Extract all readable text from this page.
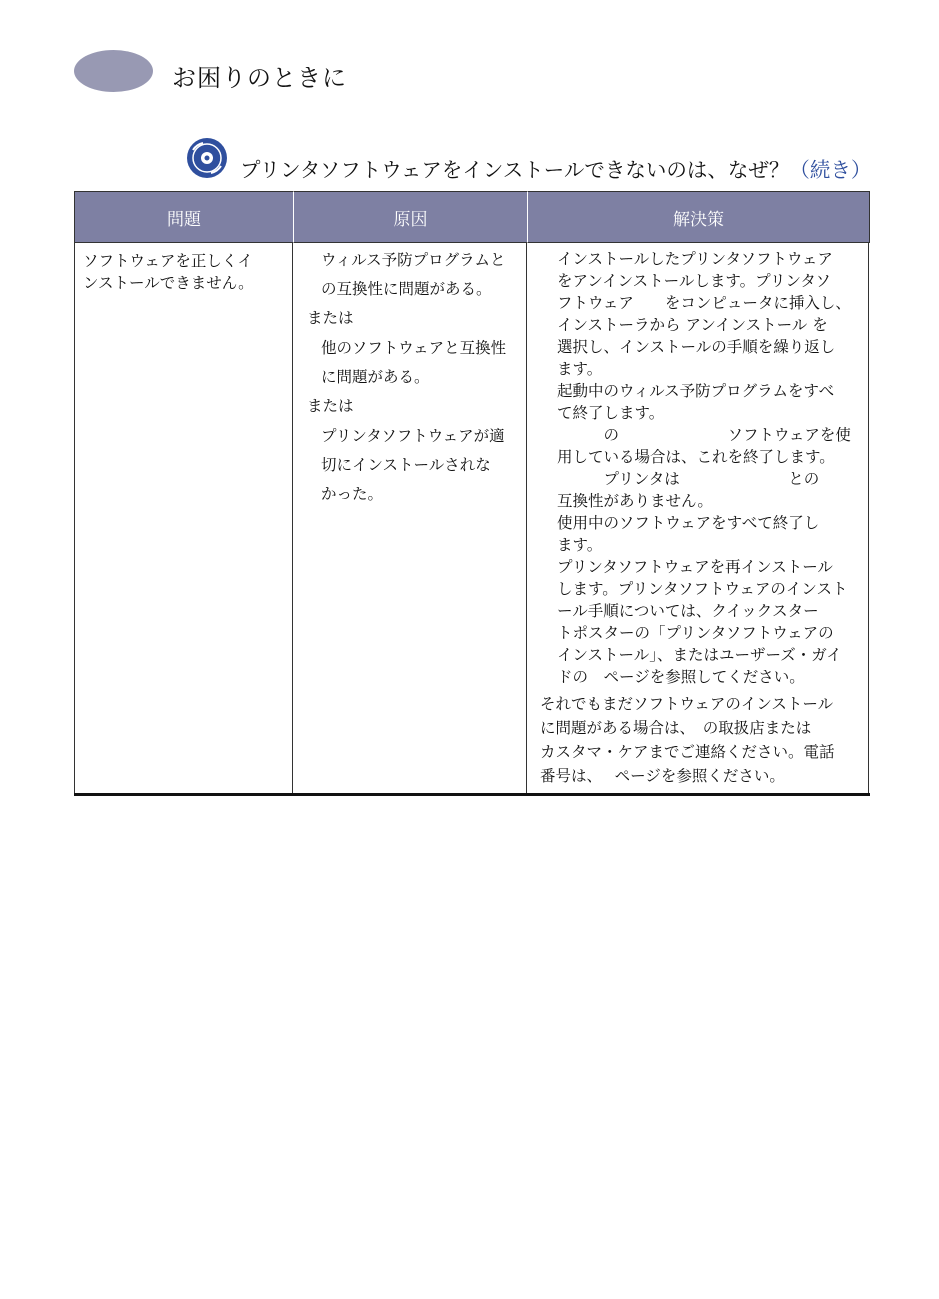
お困りのときに
プリンタソフトウェアをインストールできないのは、なぜ？（続き）
問題	原因	解決策
ソフトウェアを正しくイ
ンストールできません。
ウィルス予防プログラムと
の互換性に問題がある。
または
他のソフトウェアと互換性
に問題がある。
または
プリンタソフトウェアが適
切にインストールされな
かった。
インストールしたプリンタソフトウェア
をアンインストールします。プリンタソ
フトウェア　　をコンピュータに挿入し、
インストーラから アンインストール を
選択し、インストールの手順を繰り返し
ます。
起動中のウィルス予防プログラムをすべ
て終了します。
　　　の　　　　　　　ソフトウェアを使
用している場合は、これを終了します。
　　　プリンタは　　　　　　　との
互換性がありません。
使用中のソフトウェアをすべて終了し
ます。
プリンタソフトウェアを再インストール
します。プリンタソフトウェアのインスト
ール手順については、クイックスター
トポスターの「プリンタソフトウェアの
インストール」、またはユーザーズ・ガイ
ドの　ページを参照してください。
それでもまだソフトウェアのインストール
に問題がある場合は、　の取扱店または
カスタマ・ケアまでご連絡ください。電話
番号は、　 ページを参照ください。
